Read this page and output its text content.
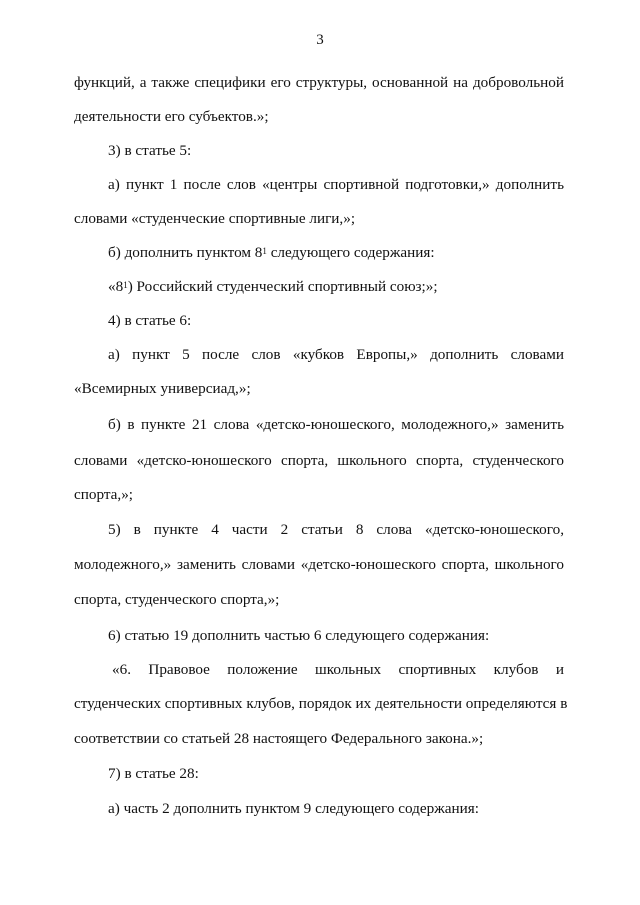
3
функций, а также специфики его структуры, основанной на добровольной
деятельности его субъектов.»;
3) в статье 5:
а) пункт 1 после слов «центры спортивной подготовки,» дополнить
словами «студенческие спортивные лиги,»;
б) дополнить пунктом $8^1$ следующего содержания:
«$8^1$) Российский студенческий спортивный союз;»;
4) в статье 6:
а) пункт 5 после слов «кубков Европы,» дополнить словами
«Всемирных универсиад,»;
б) в пункте 21 слова «детско-юношеского, молодежного,» заменить
словами «детско-юношеского спорта, школьного спорта, студенческого
спорта,»;
5) в пункте 4 части 2 статьи 8 слова «детско-юношеского,
молодежного,» заменить словами «детско-юношеского спорта, школьного
спорта, студенческого спорта,»;
6) статью 19 дополнить частью 6 следующего содержания:
«6. Правовое положение школьных спортивных клубов и
студенческих спортивных клубов, порядок их деятельности определяются в
соответствии со статьей 28 настоящего Федерального закона.»;
7) в статье 28:
а) часть 2 дополнить пунктом 9 следующего содержания:
